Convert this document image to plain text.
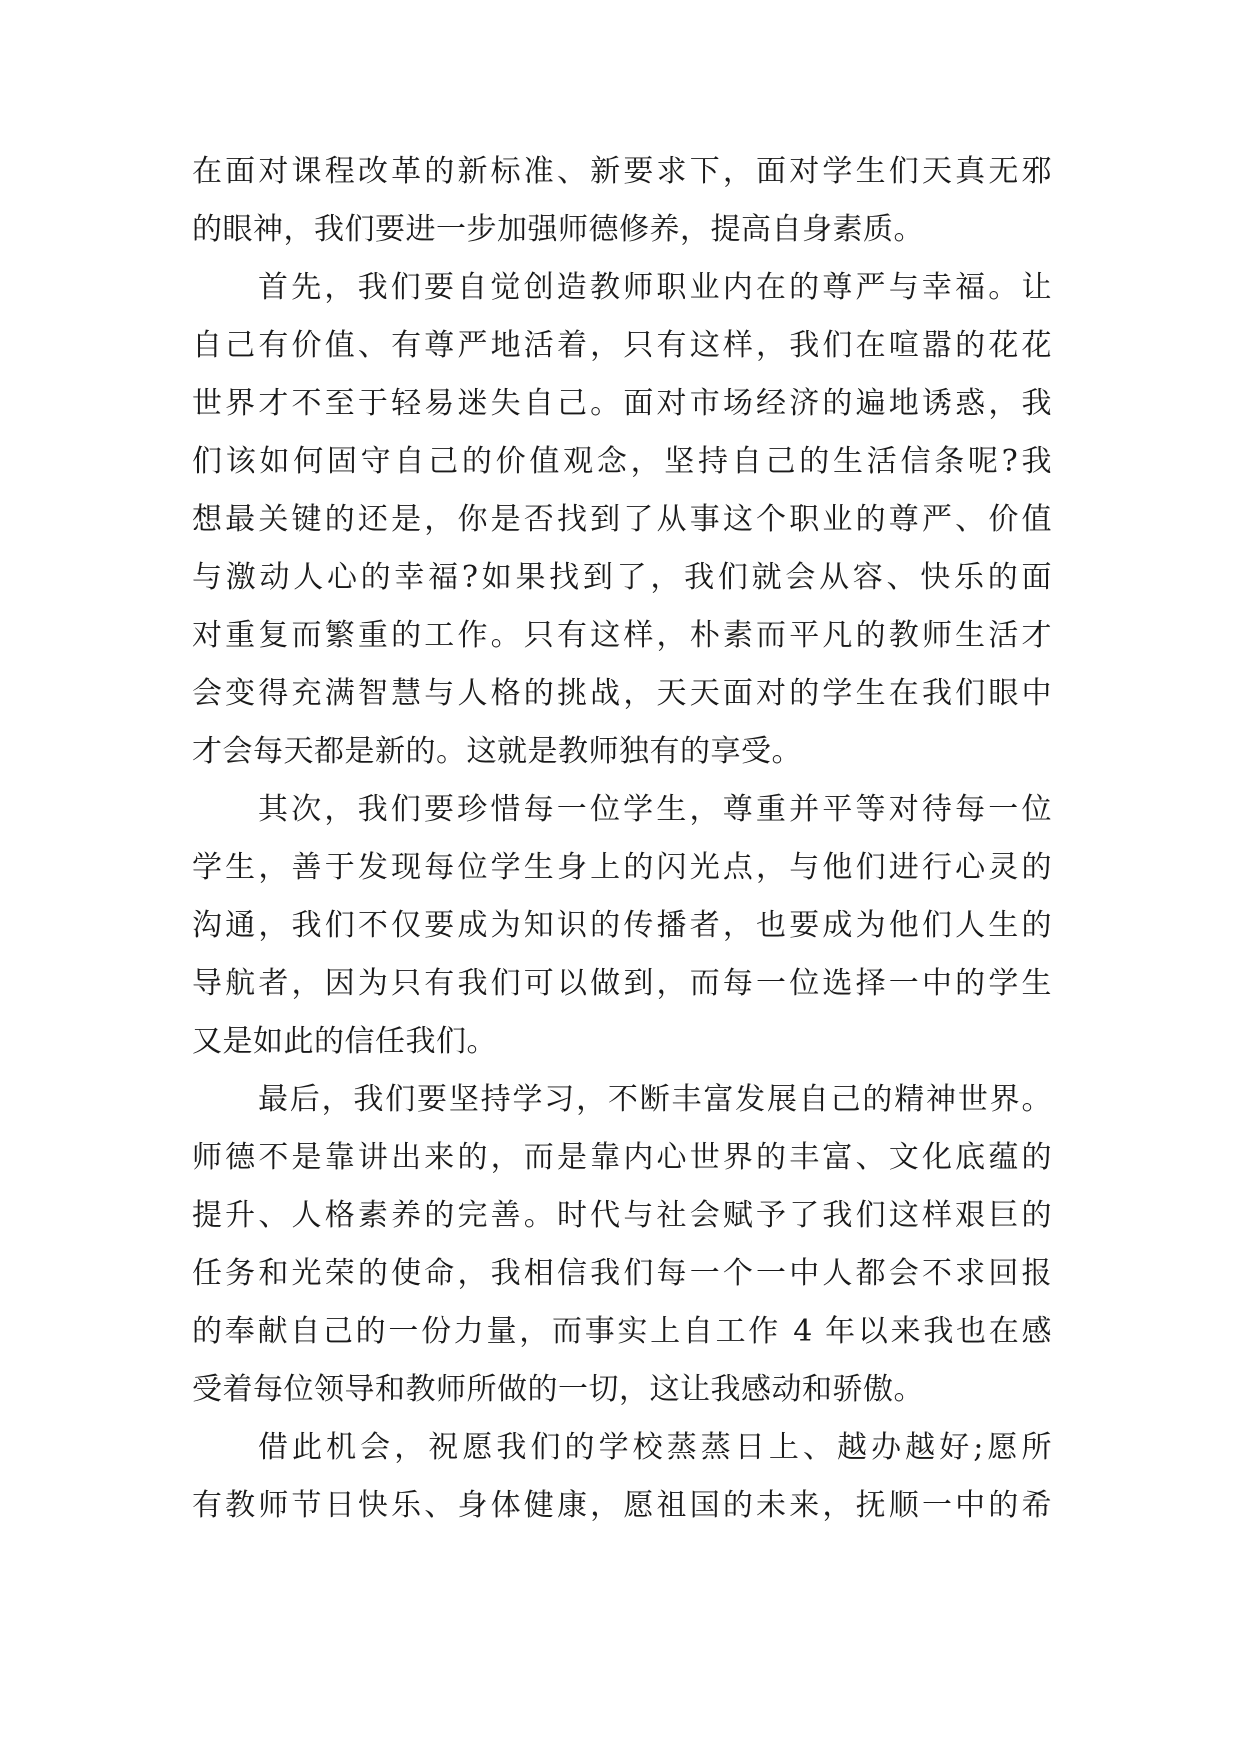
在面对课程改革的新标准、新要求下，面对学生们天真无邪
的眼神，我们要进一步加强师德修养，提高自身素质。
首先，我们要自觉创造教师职业内在的尊严与幸福。让
自己有价值、有尊严地活着，只有这样，我们在喧嚣的花花
世界才不至于轻易迷失自己。面对市场经济的遍地诱惑，我
们该如何固守自己的价值观念，坚持自己的生活信条呢?我
想最关键的还是，你是否找到了从事这个职业的尊严、价值
与激动人心的幸福?如果找到了，我们就会从容、快乐的面
对重复而繁重的工作。只有这样，朴素而平凡的教师生活才
会变得充满智慧与人格的挑战，天天面对的学生在我们眼中
才会每天都是新的。这就是教师独有的享受。
其次，我们要珍惜每一位学生，尊重并平等对待每一位
学生，善于发现每位学生身上的闪光点，与他们进行心灵的
沟通，我们不仅要成为知识的传播者，也要成为他们人生的
导航者，因为只有我们可以做到，而每一位选择一中的学生
又是如此的信任我们。
最后，我们要坚持学习，不断丰富发展自己的精神世界。
师德不是靠讲出来的，而是靠内心世界的丰富、文化底蕴的
提升、人格素养的完善。时代与社会赋予了我们这样艰巨的
任务和光荣的使命，我相信我们每一个一中人都会不求回报
的奉献自己的一份力量，而事实上自工作 4 年以来我也在感
受着每位领导和教师所做的一切，这让我感动和骄傲。
借此机会，祝愿我们的学校蒸蒸日上、越办越好;愿所
有教师节日快乐、身体健康，愿祖国的未来，抚顺一中的希
